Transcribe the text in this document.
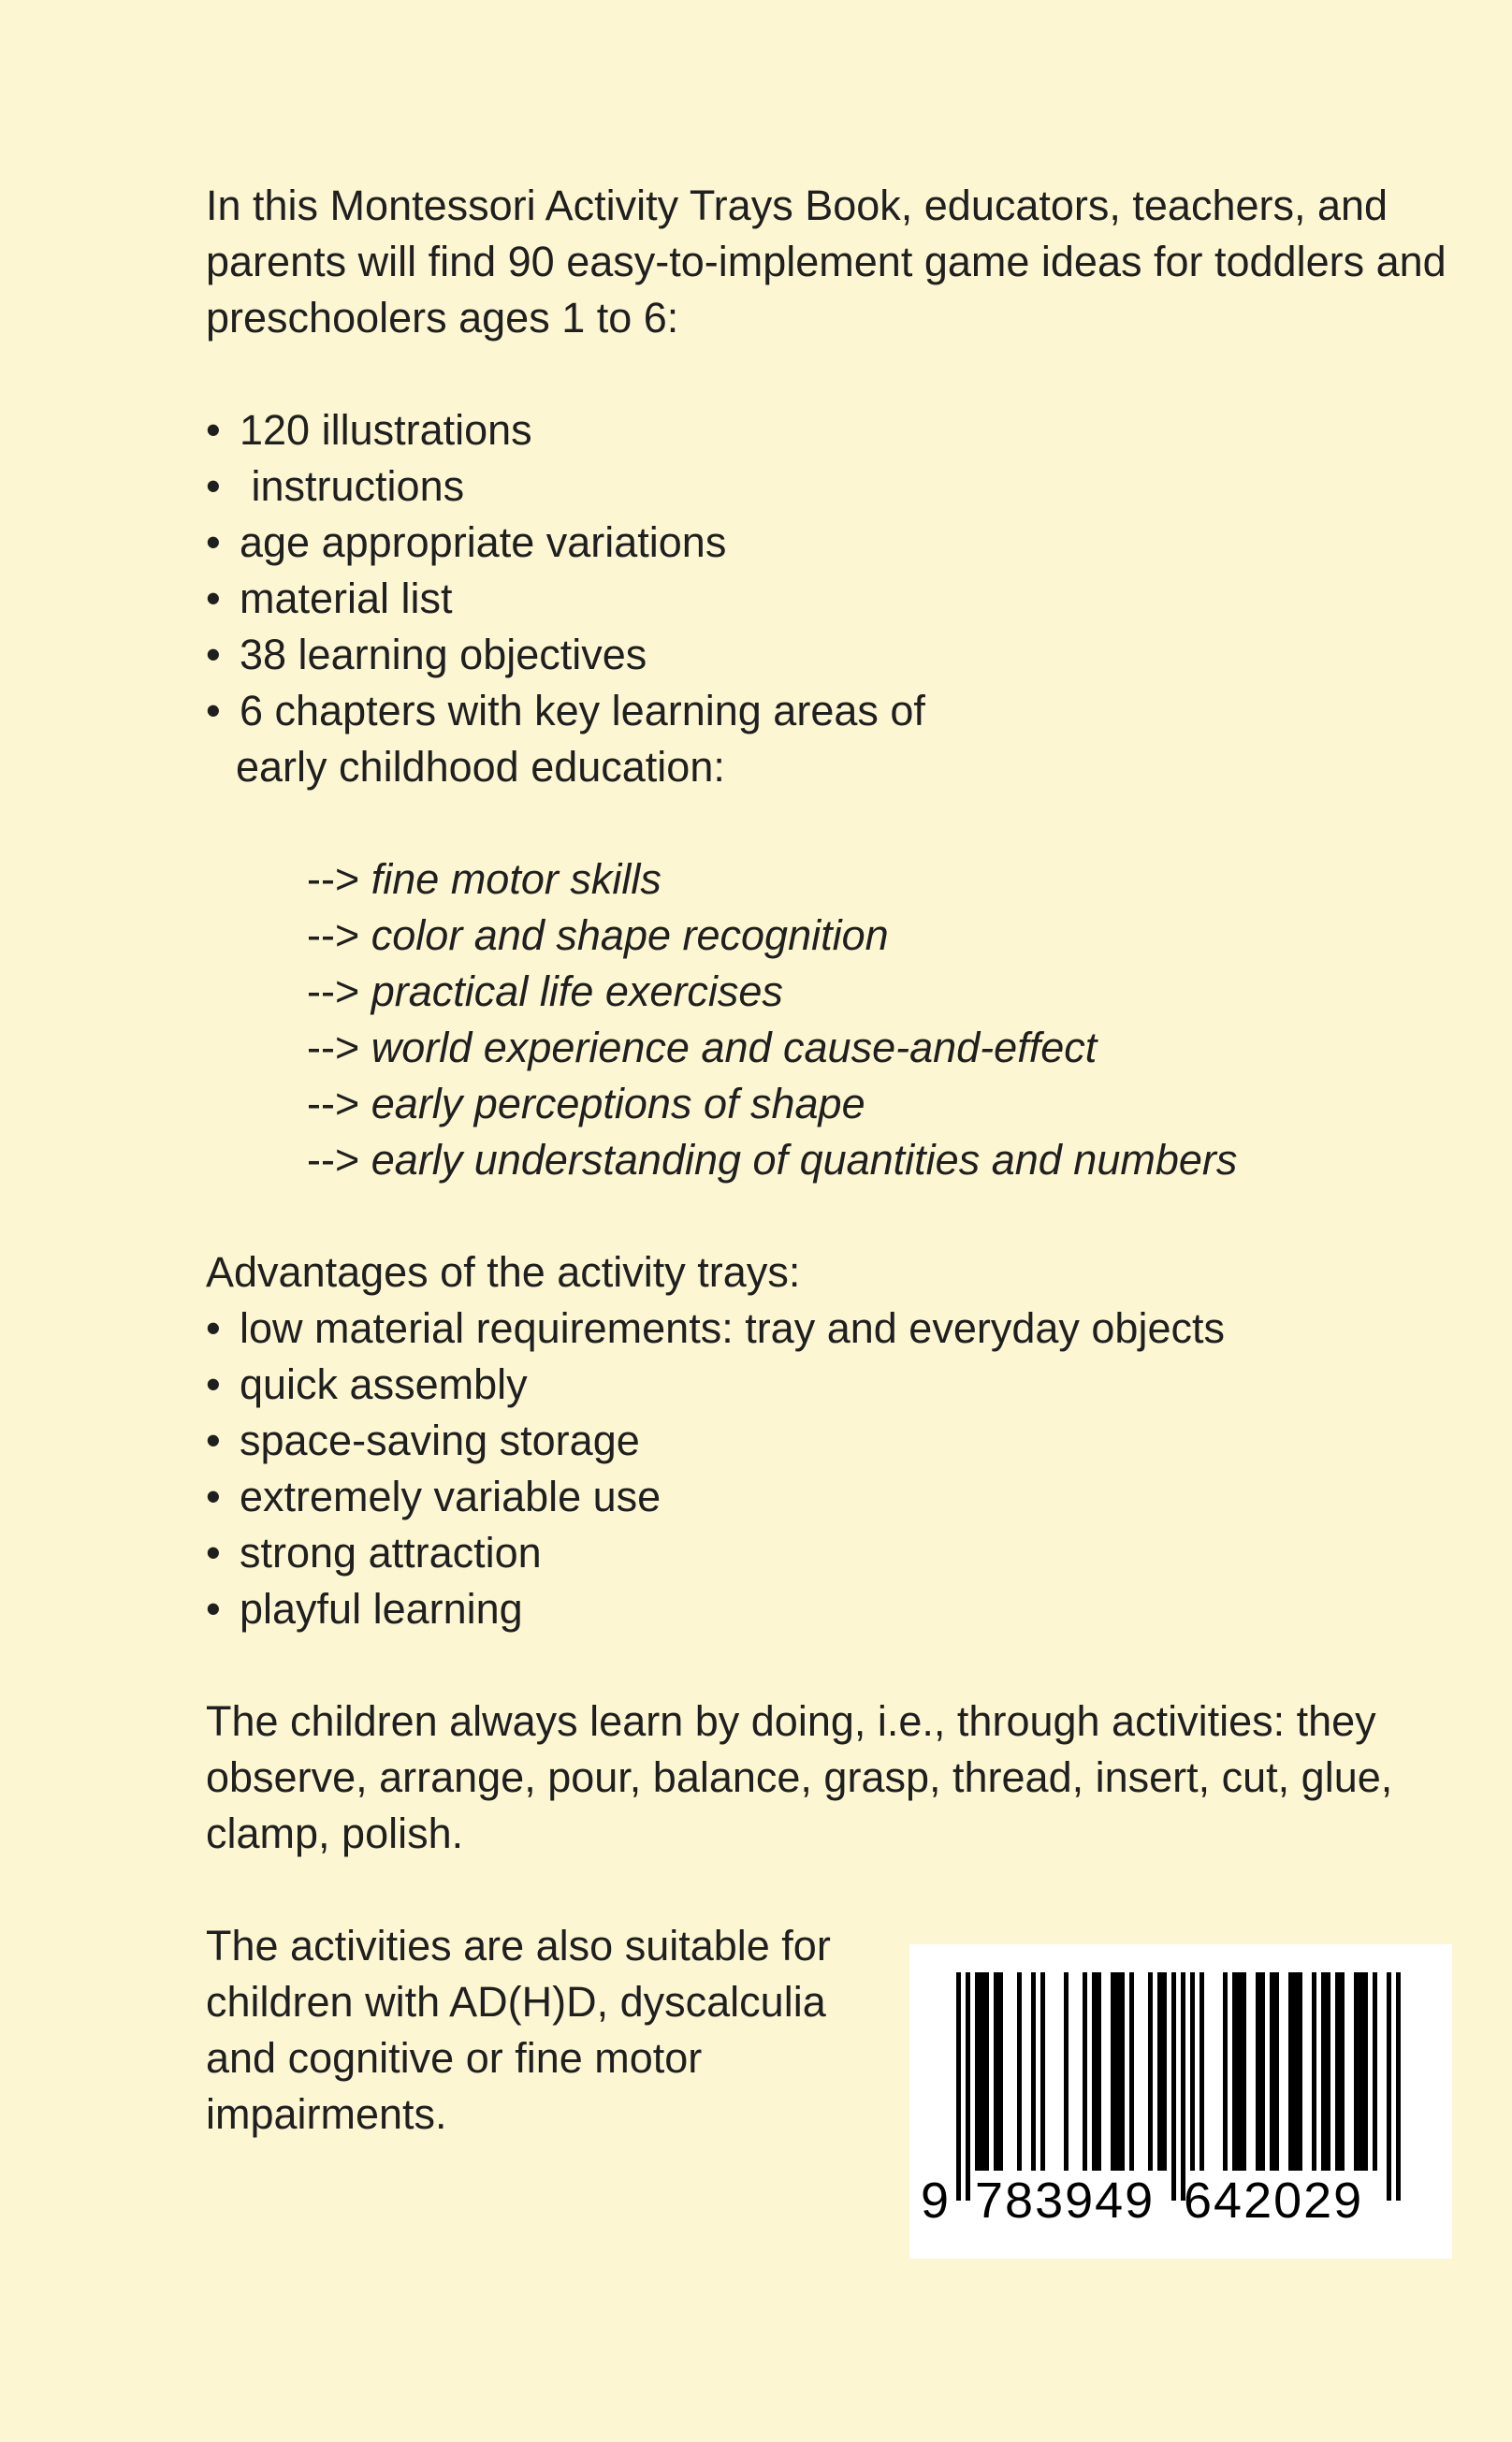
In this Montessori Activity Trays Book, educators, teachers, and parents will find 90 easy-to-implement game ideas for toddlers and preschoolers ages 1 to 6:

• 120 illustrations
•  instructions
• age appropriate variations
• material list
• 38 learning objectives
• 6 chapters with key learning areas of
early childhood education:
--> fine motor skills
--> color and shape recognition
--> practical life exercises
--> world experience and cause-and-effect
--> early perceptions of shape
--> early understanding of quantities and numbers

Advantages of the activity trays:

• low material requirements: tray and everyday objects
• quick assembly
• space-saving storage
• extremely variable use
• strong attraction
• playful learning

The children always learn by doing, i.e., through activities: they observe, arrange, pour, balance, grasp, thread, insert, cut, glue, clamp, polish.

The activities are also suitable for children with AD(H)D, dyscalculia and cognitive or fine motor impairments.

9 783949 642029
